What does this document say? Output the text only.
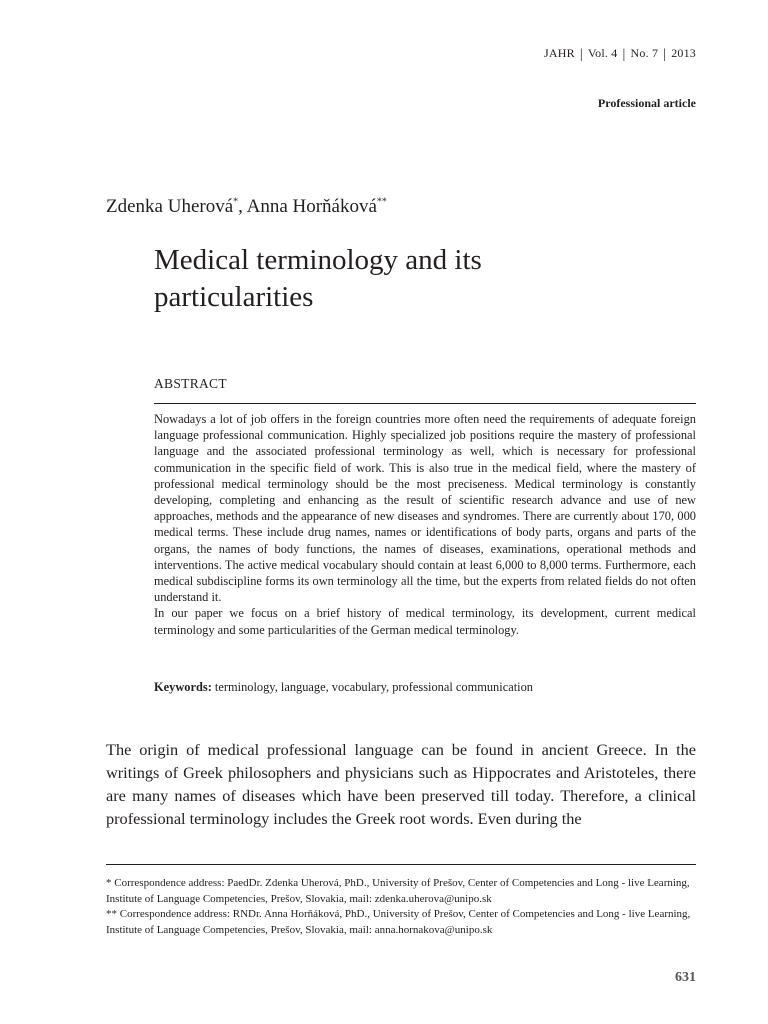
JAHR | Vol. 4 | No. 7 | 2013
Professional article
Zdenka Uherová*, Anna Horňáková**
Medical terminology and its particularities
ABSTRACT

Nowadays a lot of job offers in the foreign countries more often need the requirements of adequate foreign language professional communication. Highly specialized job positions require the mastery of professional language and the associated professional terminology as well, which is necessary for professional communication in the specific field of work. This is also true in the medical field, where the mastery of professional medical terminology should be the most preciseness. Medical terminology is constantly developing, completing and enhancing as the result of scientific research advance and use of new approaches, methods and the appearance of new diseases and syndromes. There are currently about 170, 000 medical terms. These include drug names, names or identifications of body parts, organs and parts of the organs, the names of body functions, the names of diseases, examinations, operational methods and interventions. The active medical vocabulary should contain at least 6,000 to 8,000 terms. Furthermore, each medical subdiscipline forms its own terminology all the time, but the experts from related fields do not often understand it.

In our paper we focus on a brief history of medical terminology, its development, current medical terminology and some particularities of the German medical terminology.

Keywords: terminology, language, vocabulary, professional communication
The origin of medical professional language can be found in ancient Greece. In the writings of Greek philosophers and physicians such as Hippocrates and Aristoteles, there are many names of diseases which have been preserved till today. Therefore, a clinical professional terminology includes the Greek root words. Even during the

* Correspondence address: PaedDr. Zdenka Uherová, PhD., University of Prešov, Center of Competencies and Long - live Learning, Institute of Language Competencies, Prešov, Slovakia, mail: zdenka.uherova@unipo.sk

** Correspondence address: RNDr. Anna Horňáková, PhD., University of Prešov, Center of Competencies and Long - live Learning, Institute of Language Competencies, Prešov, Slovakia, mail: anna.hornakova@unipo.sk

631
